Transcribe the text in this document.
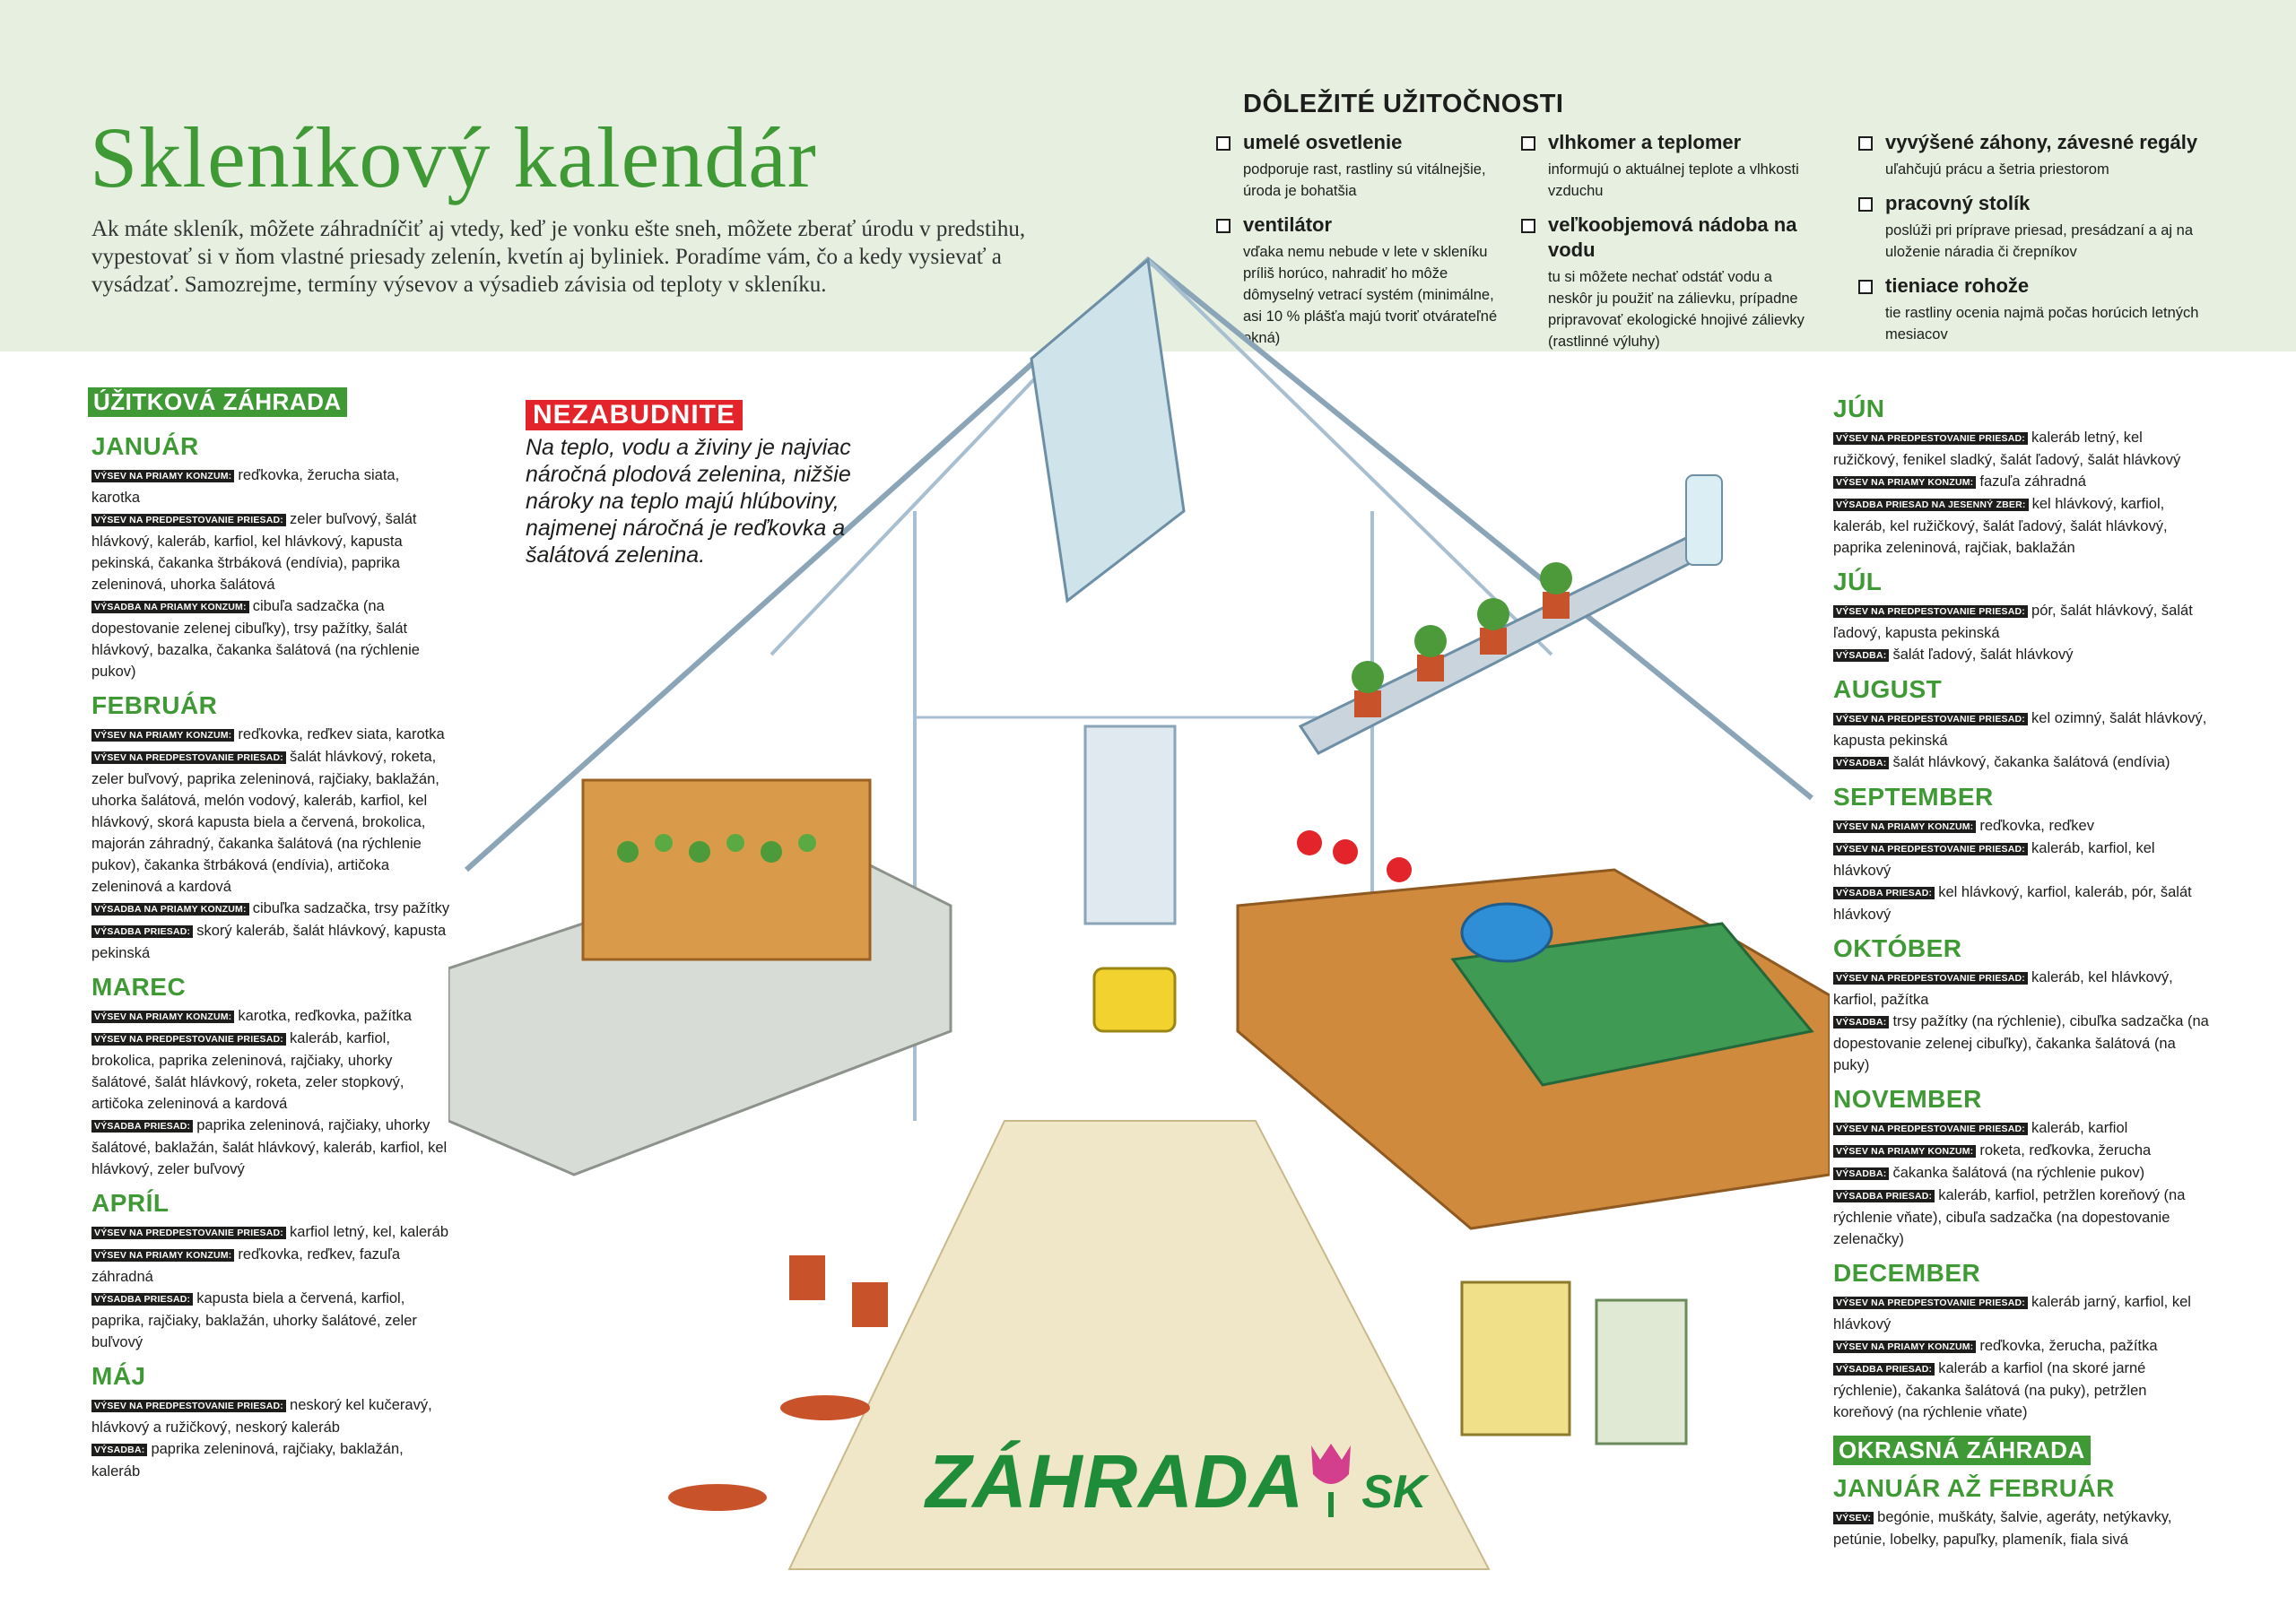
Skleníkový kalendár
Ak máte skleník, môžete záhradníčiť aj vtedy, keď je vonku ešte sneh, môžete zberať úrodu v predstihu, vypestovať si v ňom vlastné priesady zelenín, kvetín aj byliniek. Poradíme vám, čo a kedy vysievať a vysádzať. Samozrejme, termíny výsevov a výsadieb závisia od teploty v skleníku.
DÔLEŽITÉ UŽITOČNOSTI
umelé osvetlenie
podporuje rast, rastliny sú vitálnejšie, úroda je bohatšia
ventilátor
vďaka nemu nebude v lete v skleníku príliš horúco, nahradiť ho môže dômyselný vetrací systém (minimálne, asi 10 % plášťa majú tvoriť otvárateľné okná)
vlhkomer a teplomer
informujú o aktuálnej teplote a vlhkosti vzduchu
veľkoobjemová nádoba na vodu
tu si môžete nechať odstáť vodu a neskôr ju použiť na zálievku, prípadne pripravovať ekologické hnojivé zálievky (rastlinné výluhy)
vyvýšené záhony, závesné regály
uľahčujú prácu a šetria priestorom
pracovný stolík
poslúži pri príprave priesad, presádzaní a aj na uloženie náradia či črepníkov
tieniace rohože
tie rastliny ocenia najmä počas horúcich letných mesiacov
NEZABUDNITE
Na teplo, vodu a živiny je najviac náročná plodová zelenina, nižšie nároky na teplo majú hlúboviny, najmenej náročná je reďkovka a šalátová zelenina.
ÚŽITKOVÁ ZÁHRADA
JANUÁR
VÝSEV NA PRIAMY KONZUM: reďkovka, žerucha siata, karotka
VÝSEV NA PREDPESTOVANIE PRIESAD: zeler buľvový, šalát hlávkový, kaleráb, karfiol, kel hlávkový, kapusta pekinská, čakanka štrbáková (endívia), paprika zeleninová, uhorka šalátová
VÝSADBA NA PRIAMY KONZUM: cibuľa sadzačka (na dopestovanie zelenej cibuľky), trsy pažítky, šalát hlávkový, bazalka, čakanka šalátová (na rýchlenie pukov)
FEBRUÁR
VÝSEV NA PRIAMY KONZUM: reďkovka, reďkev siata, karotka
VÝSEV NA PREDPESTOVANIE PRIESAD: šalát hlávkový, roketa, zeler buľvový, paprika zeleninová, rajčiaky, baklažán, uhorka šalátová, melón vodový, kaleráb, karfiol, kel hlávkový, skorá kapusta biela a červená, brokolica, majorán záhradný, čakanka šalátová (na rýchlenie pukov), čakanka štrbáková (endívia), artičoka zeleninová a kardová
VÝSADBA NA PRIAMY KONZUM: cibuľka sadzačka, trsy pažítky
VÝSADBA PRIESAD: skorý kaleráb, šalát hlávkový, kapusta pekinská
MAREC
VÝSEV NA PRIAMY KONZUM: karotka, reďkovka, pažítka
VÝSEV NA PREDPESTOVANIE PRIESAD: kaleráb, karfiol, brokolica, paprika zeleninová, rajčiaky, uhorky šalátové, šalát hlávkový, roketa, zeler stopkový, artičoka zeleninová a kardová
VÝSADBA PRIESAD: paprika zeleninová, rajčiaky, uhorky šalátové, baklažán, šalát hlávkový, kaleráb, karfiol, kel hlávkový, zeler buľvový
APRÍL
VÝSEV NA PREDPESTOVANIE PRIESAD: karfiol letný, kel, kaleráb
VÝSEV NA PRIAMY KONZUM: reďkovka, reďkev, fazuľa záhradná
VÝSADBA PRIESAD: kapusta biela a červená, karfiol, paprika, rajčiaky, baklažán, uhorky šalátové, zeler buľvový
MÁJ
VÝSEV NA PREDPESTOVANIE PRIESAD: neskorý kel kučeravý, hlávkový a ružičkový, neskorý kaleráb
VÝSADBA: paprika zeleninová, rajčiaky, baklažán, kaleráb
JÚN
VÝSEV NA PREDPESTOVANIE PRIESAD: kaleráb letný, kel ružičkový, fenikel sladký, šalát ľadový, šalát hlávkový
VÝSEV NA PRIAMY KONZUM: fazuľa záhradná
VÝSADBA PRIESAD NA JESENNÝ ZBER: kel hlávkový, karfiol, kaleráb, kel ružičkový, šalát ľadový, šalát hlávkový, paprika zeleninová, rajčiak, baklažán
JÚL
VÝSEV NA PREDPESTOVANIE PRIESAD: pór, šalát hlávkový, šalát ľadový, kapusta pekinská
VÝSADBA: šalát ľadový, šalát hlávkový
AUGUST
VÝSEV NA PREDPESTOVANIE PRIESAD: kel ozimný, šalát hlávkový, kapusta pekinská
VÝSADBA: šalát hlávkový, čakanka šalátová (endívia)
SEPTEMBER
VÝSEV NA PRIAMY KONZUM: reďkovka, reďkev
VÝSEV NA PREDPESTOVANIE PRIESAD: kaleráb, karfiol, kel hlávkový
VÝSADBA PRIESAD: kel hlávkový, karfiol, kaleráb, pór, šalát hlávkový
OKTÓBER
VÝSEV NA PREDPESTOVANIE PRIESAD: kaleráb, kel hlávkový, karfiol, pažítka
VÝSADBA: trsy pažítky (na rýchlenie), cibuľka sadzačka (na dopestovanie zelenej cibuľky), čakanka šalátová (na puky)
NOVEMBER
VÝSEV NA PREDPESTOVANIE PRIESAD: kaleráb, karfiol
VÝSEV NA PRIAMY KONZUM: roketa, reďkovka, žerucha
VÝSADBA: čakanka šalátová (na rýchlenie pukov)
VÝSADBA PRIESAD: kaleráb, karfiol, petržlen koreňový (na rýchlenie vňate), cibuľa sadzačka (na dopestovanie zelenačky)
DECEMBER
VÝSEV NA PREDPESTOVANIE PRIESAD: kaleráb jarný, karfiol, kel hlávkový
VÝSEV NA PRIAMY KONZUM: reďkovka, žerucha, pažítka
VÝSADBA PRIESAD: kaleráb a karfiol (na skoré jarné rýchlenie), čakanka šalátová (na puky), petržlen koreňový (na rýchlenie vňate)
OKRASNÁ ZÁHRADA
JANUÁR AŽ FEBRUÁR
VÝSEV: begónie, muškáty, šalvie, ageráty, netýkavky, petúnie, lobelky, papuľky, plameník, fiala sivá
ZÁHRADA SK
